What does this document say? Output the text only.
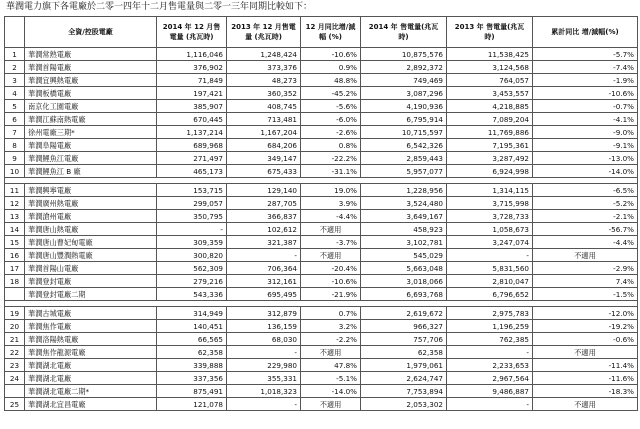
華潤電力旗下各電廠於二零一四年十二月售電量與二零一三年同期比較如下：
	全資/控股電廠	2014 年 12 月售電量 (兆瓦時)	2013 年 12 月售電量 (兆瓦時)	12 月同比增/減幅 (%)	2014 年 售電量(兆瓦時)	2013 年 售電量(兆瓦時)	累計同比 增/減幅(%)
1	華潤常熟電廠	1,116,046	1,248,424	-10.6%	10,875,576	11,538,425	-5.7%
2	華潤首陽電廠	376,902	373,376	0.9%	2,892,372	3,124,568	-7.4%
3	華潤宜興熱電廠	71,849	48,273	48.8%	749,469	764,057	-1.9%
4	華潤板橋電廠	197,421	360,352	-45.2%	3,087,296	3,453,557	-10.6%
5	南京化工園電廠	385,907	408,745	-5.6%	4,190,936	4,218,885	-0.7%
6	華潤江蘇南熱電廠	670,445	713,481	-6.0%	6,795,914	7,089,204	-4.1%
7	徐州電廠三期*	1,137,214	1,167,204	-2.6%	10,715,597	11,769,886	-9.0%
8	華潤阜陽電廠	689,968	684,206	0.8%	6,542,326	7,195,361	-9.1%
9	華潤鯉魚江電廠	271,497	349,147	-22.2%	2,859,443	3,287,492	-13.0%
10	華潤鯉魚江 B 廠	465,173	675,433	-31.1%	5,957,077	6,924,998	-14.0%

11	華潤興寧電廠	153,715	129,140	19.0%	1,228,956	1,314,115	-6.5%
12	華潤廣州熱電廠	299,057	287,705	3.9%	3,524,480	3,715,998	-5.2%
13	華潤滄州電廠	350,795	366,837	-4.4%	3,649,167	3,728,733	-2.1%
14	華潤唐山熱電廠	-	102,612	不適用	458,923	1,058,673	-56.7%
15	華潤唐山曹妃甸電廠	309,359	321,387	-3.7%	3,102,781	3,247,074	-4.4%
16	華潤唐山豐潤熱電廠	300,820	-	不適用	545,029	-	不適用
17	華潤首陽山電廠	562,309	706,364	-20.4%	5,663,048	5,831,560	-2.9%
18	華潤登封電廠	279,216	312,161	-10.6%	3,018,066	2,810,047	7.4%
	華潤登封電廠二期	543,336	695,495	-21.9%	6,693,768	6,796,652	-1.5%

19	華潤古城電廠	314,949	312,879	0.7%	2,619,672	2,975,783	-12.0%
20	華潤焦作電廠	140,451	136,159	3.2%	966,327	1,196,259	-19.2%
21	華潤洛陽熱電廠	66,565	68,030	-2.2%	757,706	762,385	-0.6%
22	華潤焦作龍源電廠	62,358	-	不適用	62,358	-	不適用
23	華潤湖北電廠	339,888	229,980	47.8%	1,979,061	2,233,653	-11.4%
24	華潤湖北電廠	337,356	355,331	-5.1%	2,624,747	2,967,564	-11.6%
	華潤湖北電廠二期*	875,491	1,018,323	-14.0%	7,753,894	9,486,887	-18.3%
25	華潤湖北宜昌電廠	121,078	-	不適用	2,053,302	-	不適用
